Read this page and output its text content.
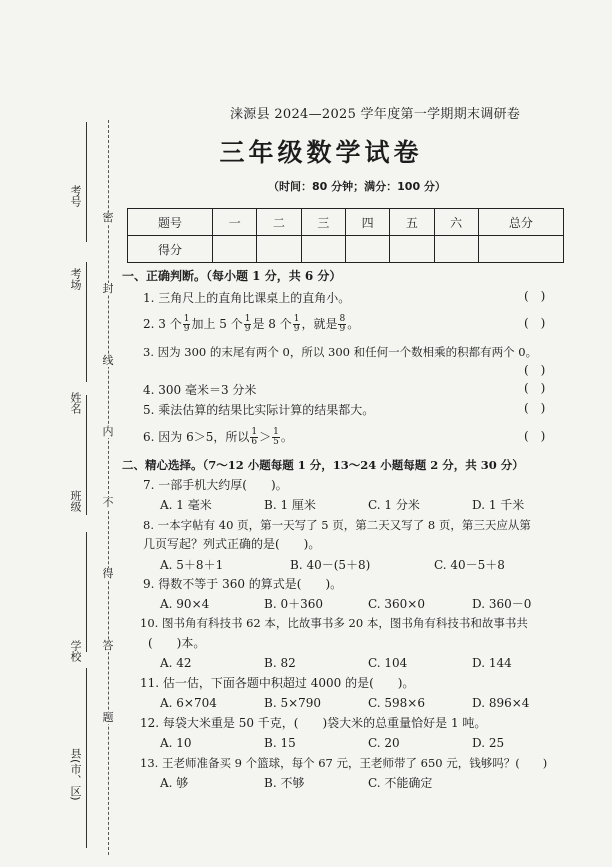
考号
考场
姓名
班级
学校
县(市、区)
密
封
线
内
不
得
答
题
涞源县 2024—2025 学年度第一学期期末调研卷
三年级数学试卷
（时间：80 分钟；满分：100 分）
题号	一	二	三	四	五	六	总分
得分							
一、正确判断。（每小题 1 分，共 6 分）
1. 三角尺上的直角比课桌上的直角小。	()
2. 3 个 $\frac{1}{9}$ 加上 5 个 $\frac{1}{9}$ 是 8 个 $\frac{1}{9}$ ，就是 $\frac{8}{9}$ 。	()
3. 因为 300 的末尾有两个 0，所以 300 和任何一个数相乘的积都有两个 0。
()
4. 300 毫米＝3 分米	()
5. 乘法估算的结果比实际计算的结果都大。	()
6. 因为 6＞5，所以 $\frac{1}{6} > \frac{1}{5}$ 。	()
二、精心选择。（7～12 小题每题 1 分，13～24 小题每题 2 分，共 30 分）
7. 一部手机大约厚(　　)。
A. 1 毫米	B. 1 厘米	C. 1 分米	D. 1 千米
8. 一本字帖有 40 页，第一天写了 5 页，第二天又写了 8 页，第三天应从第
几页写起？列式正确的是(　　)。
A. 5＋8＋1	B. 40－(5＋8)	C. 40－5＋8
9. 得数不等于 360 的算式是(　　)。
A. 90×4	B. 0＋360	C. 360×0	D. 360－0
10. 图书角有科技书 62 本，比故事书多 20 本，图书角有科技书和故事书共
(　　)本。
A. 42	B. 82	C. 104	D. 144
11. 估一估，下面各题中积超过 4000 的是(　　)。
A. 6×704	B. 5×790	C. 598×6	D. 896×4
12. 每袋大米重是 50 千克，(　　)袋大米的总重量恰好是 1 吨。
A. 10	B. 15	C. 20	D. 25
13. 王老师准备买 9 个篮球，每个 67 元，王老师带了 650 元，钱够吗？(　　)
A. 够	B. 不够	C. 不能确定
